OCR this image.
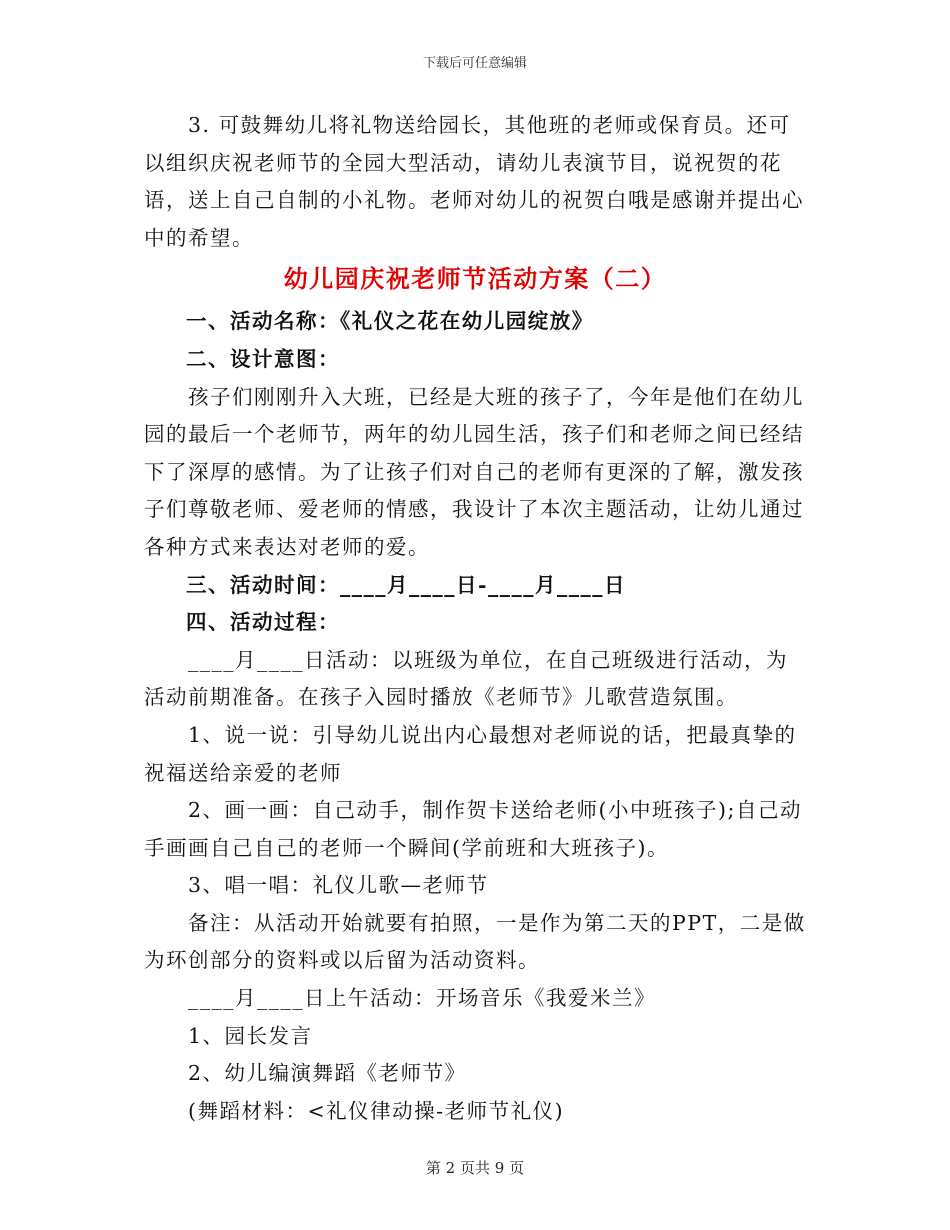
下载后可任意编辑

3. 可鼓舞幼儿将礼物送给园长，其他班的老师或保育员。还可以组织庆祝老师节的全园大型活动，请幼儿表演节目，说祝贺的花语，送上自己自制的小礼物。老师对幼儿的祝贺白哦是感谢并提出心中的希望。

幼儿园庆祝老师节活动方案（二）

一、活动名称：《礼仪之花在幼儿园绽放》

二、设计意图：

孩子们刚刚升入大班，已经是大班的孩子了，今年是他们在幼儿园的最后一个老师节，两年的幼儿园生活，孩子们和老师之间已经结下了深厚的感情。为了让孩子们对自己的老师有更深的了解，激发孩子们尊敬老师、爱老师的情感，我设计了本次主题活动，让幼儿通过各种方式来表达对老师的爱。

三、活动时间：____月____日-____月____日

四、活动过程：

____月____日活动：以班级为单位，在自己班级进行活动，为活动前期准备。在孩子入园时播放《老师节》儿歌营造氛围。

1、说一说：引导幼儿说出内心最想对老师说的话，把最真挚的祝福送给亲爱的老师

2、画一画：自己动手，制作贺卡送给老师(小中班孩子);自己动手画画自己自己的老师一个瞬间(学前班和大班孩子)。

3、唱一唱：礼仪儿歌—老师节

备注：从活动开始就要有拍照，一是作为第二天的PPT，二是做为环创部分的资料或以后留为活动资料。

____月____日上午活动：开场音乐《我爱米兰》

1、园长发言

2、幼儿编演舞蹈《老师节》

(舞蹈材料：<礼仪律动操-老师节礼仪)

第 2 页共 9 页
